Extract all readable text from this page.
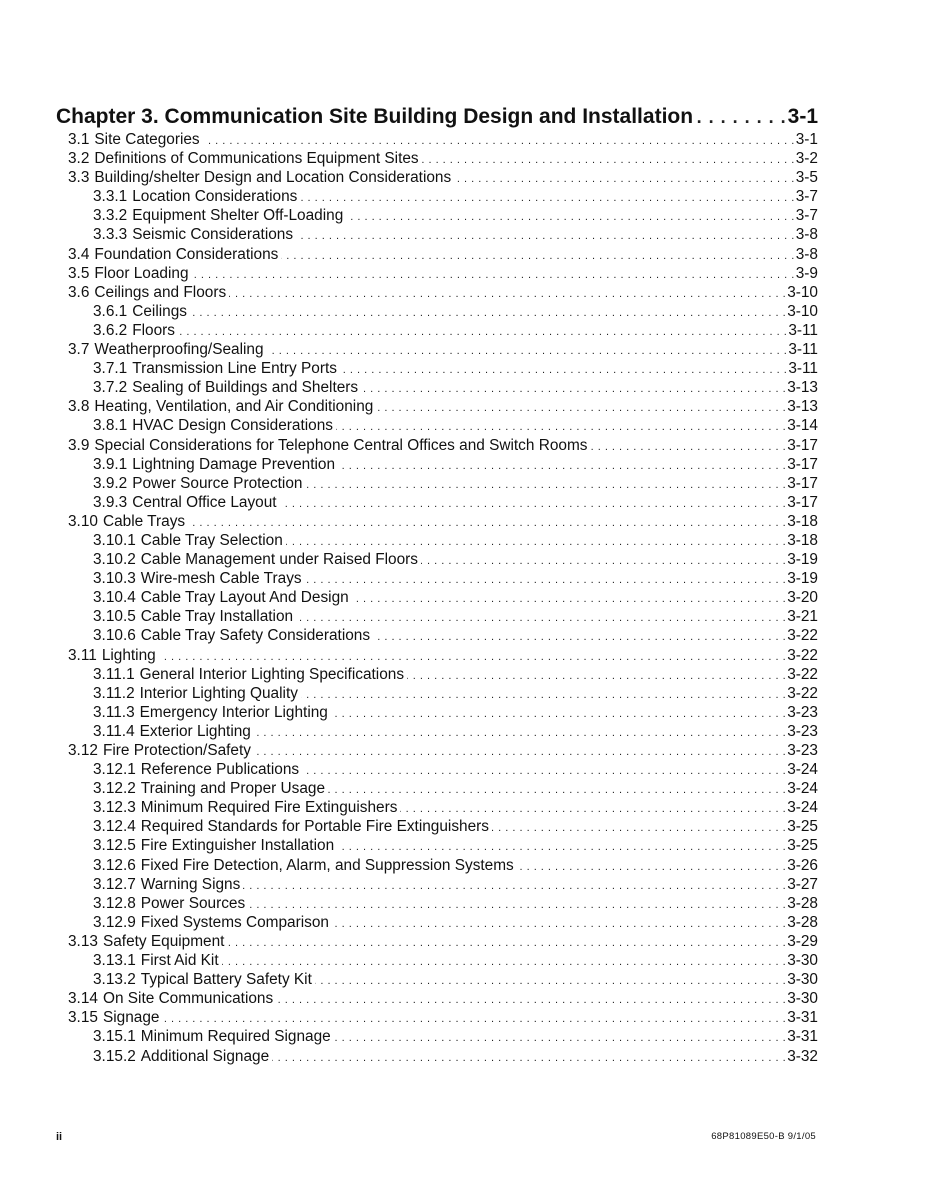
Chapter 3. Communication Site Building Design and Installation . . .	3-1
3.1 Site Categories . . .	3-1
3.2 Definitions of Communications Equipment Sites . . .	3-2
3.3 Building/shelter Design and Location Considerations . . .	3-5
3.3.1 Location Considerations . . .	3-7
3.3.2 Equipment Shelter Off-Loading . . .	3-7
3.3.3 Seismic Considerations . . .	3-8
3.4 Foundation Considerations . . .	3-8
3.5 Floor Loading . . .	3-9
3.6 Ceilings and Floors . . .	3-10
3.6.1 Ceilings . . .	3-10
3.6.2 Floors . . .	3-11
3.7 Weatherproofing/Sealing . . .	3-11
3.7.1 Transmission Line Entry Ports . . .	3-11
3.7.2 Sealing of Buildings and Shelters . . .	3-13
3.8 Heating, Ventilation, and Air Conditioning . . .	3-13
3.8.1 HVAC Design Considerations . . .	3-14
3.9 Special Considerations for Telephone Central Offices and Switch Rooms . . .	3-17
3.9.1 Lightning Damage Prevention . . .	3-17
3.9.2 Power Source Protection . . .	3-17
3.9.3 Central Office Layout . . .	3-17
3.10 Cable Trays . . .	3-18
3.10.1 Cable Tray Selection . . .	3-18
3.10.2 Cable Management under Raised Floors . . .	3-19
3.10.3 Wire-mesh Cable Trays . . .	3-19
3.10.4 Cable Tray Layout And Design . . .	3-20
3.10.5 Cable Tray Installation . . .	3-21
3.10.6 Cable Tray Safety Considerations . . .	3-22
3.11 Lighting . . .	3-22
3.11.1 General Interior Lighting Specifications . . .	3-22
3.11.2 Interior Lighting Quality . . .	3-22
3.11.3 Emergency Interior Lighting . . .	3-23
3.11.4 Exterior Lighting . . .	3-23
3.12 Fire Protection/Safety . . .	3-23
3.12.1 Reference Publications . . .	3-24
3.12.2 Training and Proper Usage . . .	3-24
3.12.3 Minimum Required Fire Extinguishers . . .	3-24
3.12.4 Required Standards for Portable Fire Extinguishers . . .	3-25
3.12.5 Fire Extinguisher Installation . . .	3-25
3.12.6 Fixed Fire Detection, Alarm, and Suppression Systems . . .	3-26
3.12.7 Warning Signs . . .	3-27
3.12.8 Power Sources . . .	3-28
3.12.9 Fixed Systems Comparison . . .	3-28
3.13 Safety Equipment . . .	3-29
3.13.1 First Aid Kit . . .	3-30
3.13.2 Typical Battery Safety Kit . . .	3-30
3.14 On Site Communications . . .	3-30
3.15 Signage . . .	3-31
3.15.1 Minimum Required Signage . . .	3-31
3.15.2 Additional Signage . . .	3-32
ii	68P81089E50-B 9/1/05
